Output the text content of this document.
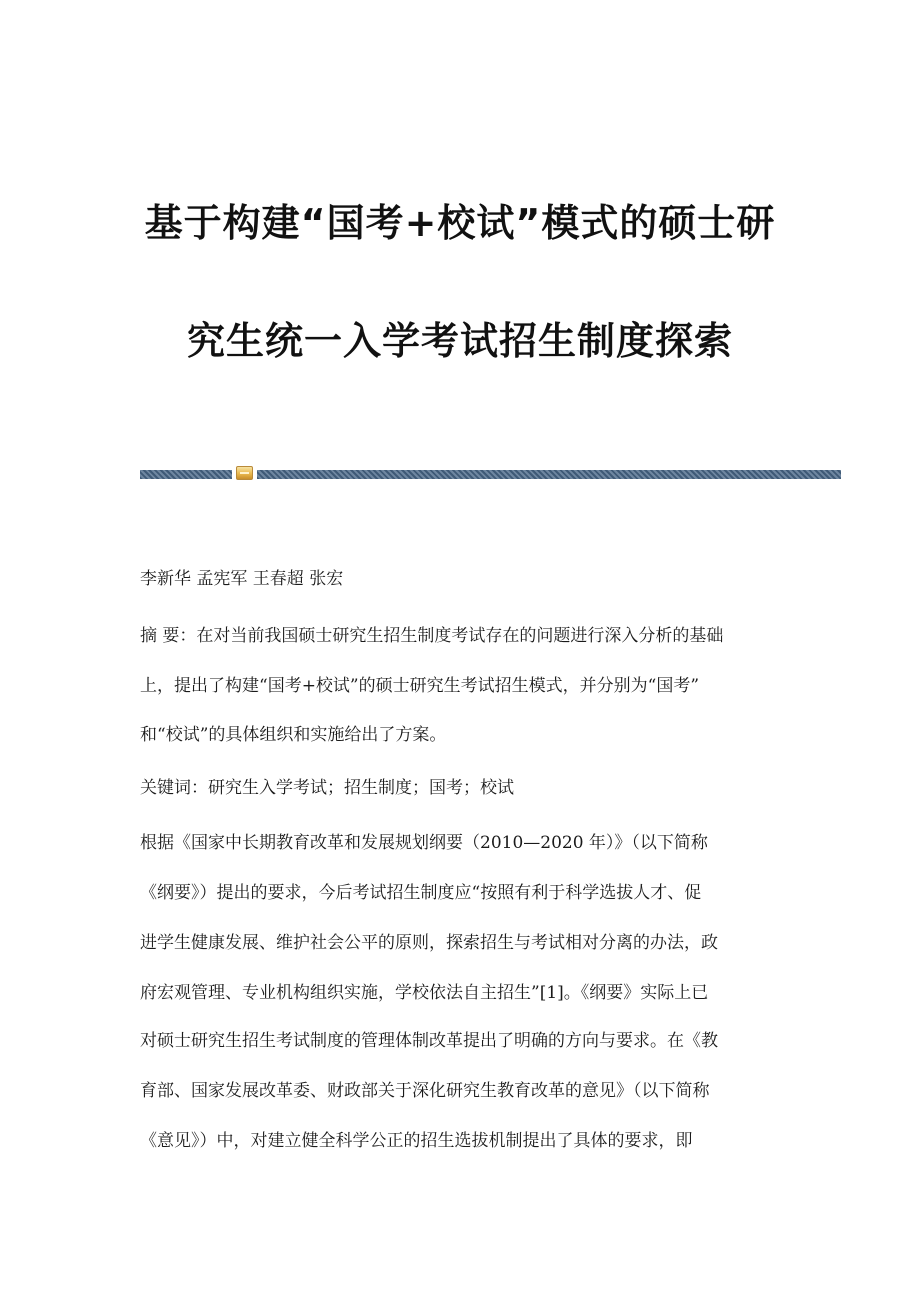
基于构建“国考+校试”模式的硕士研
究生统一入学考试招生制度探索
李新华 孟宪军 王春超 张宏
摘 要：在对当前我国硕士研究生招生制度考试存在的问题进行深入分析的基础
上，提出了构建“国考+校试”的硕士研究生考试招生模式，并分别为“国考”
和“校试”的具体组织和实施给出了方案。
关键词：研究生入学考试；招生制度；国考；校试
根据《国家中长期教育改革和发展规划纲要（2010—2020 年）》（以下简称
《纲要》）提出的要求，今后考试招生制度应“按照有利于科学选拔人才、促
进学生健康发展、维护社会公平的原则，探索招生与考试相对分离的办法，政
府宏观管理、专业机构组织实施，学校依法自主招生”[1]。《纲要》实际上已
对硕士研究生招生考试制度的管理体制改革提出了明确的方向与要求。在《教
育部、国家发展改革委、财政部关于深化研究生教育改革的意见》（以下简称
《意见》）中，对建立健全科学公正的招生选拔机制提出了具体的要求，即
